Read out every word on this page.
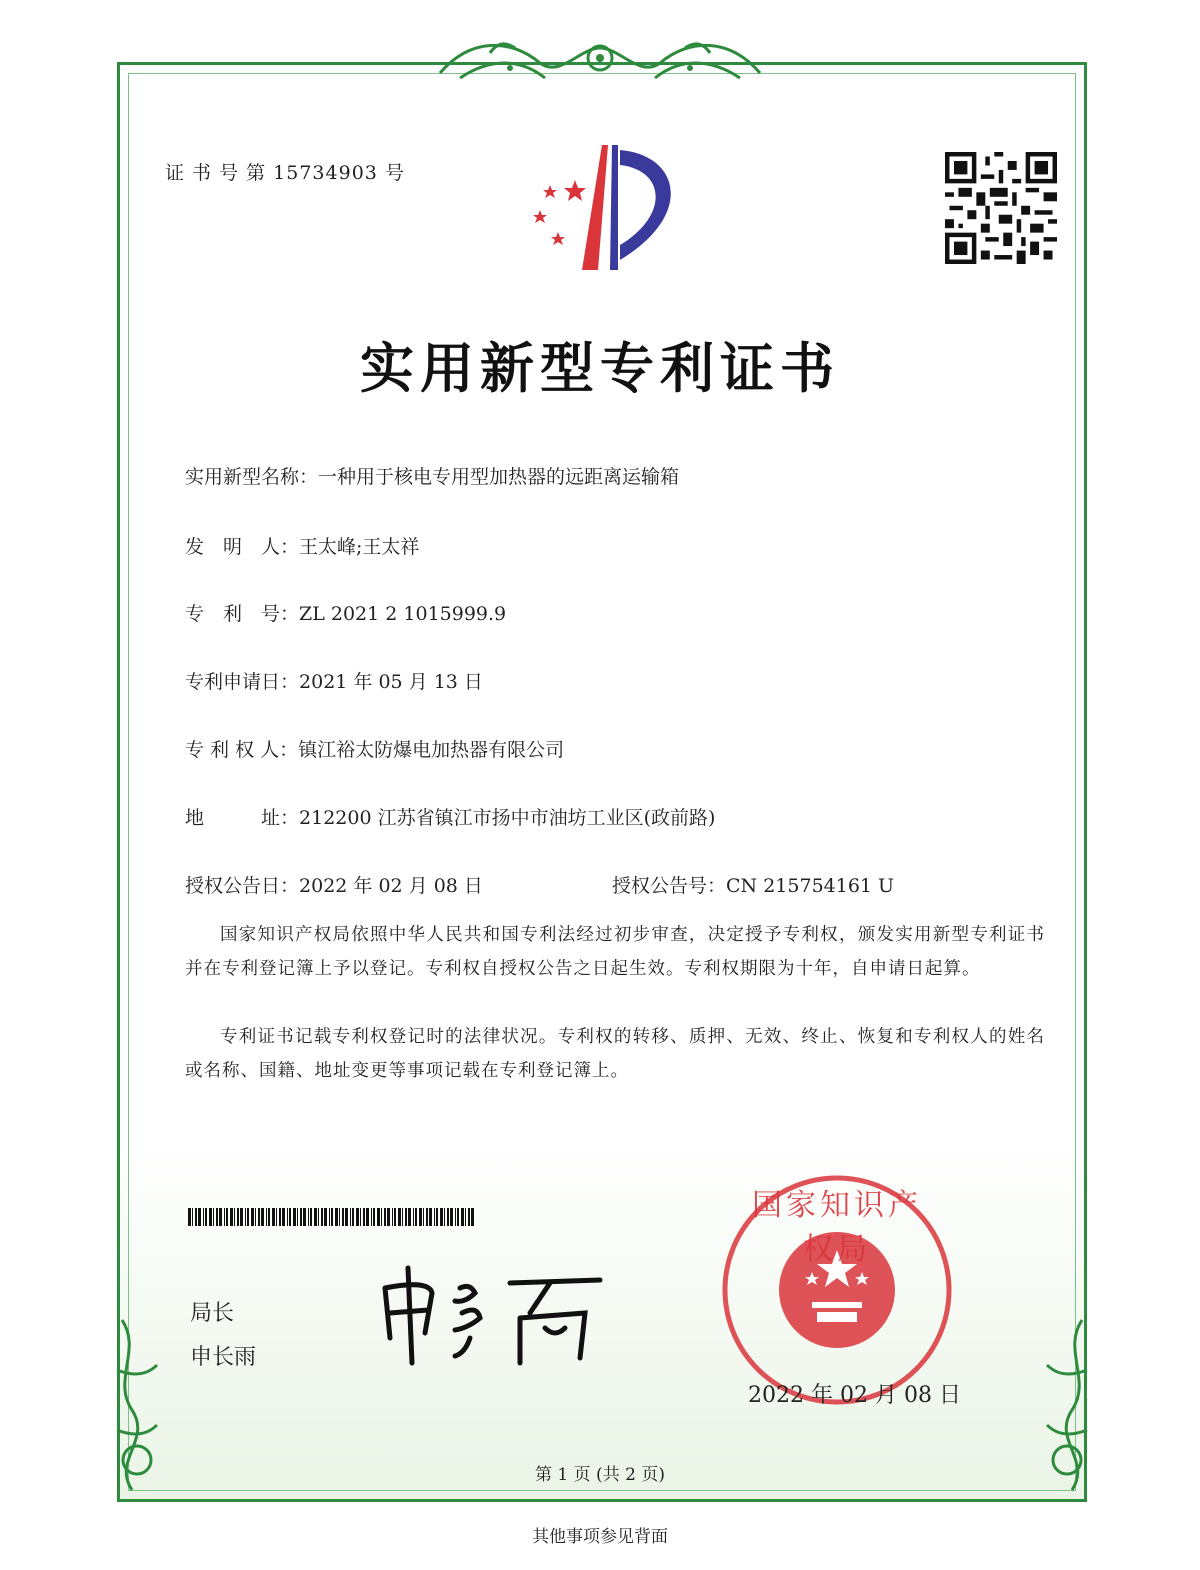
证 书 号 第 15734903 号
实用新型专利证书
实用新型名称：一种用于核电专用型加热器的远距离运输箱
发　明　人：王太峰;王太祥
专　利　号：ZL 2021 2 1015999.9
专利申请日：2021 年 05 月 13 日
专 利 权 人：镇江裕太防爆电加热器有限公司
地　　　址：212200 江苏省镇江市扬中市油坊工业区(政前路)
授权公告日：2022 年 02 月 08 日	授权公告号：CN 215754161 U
国家知识产权局依照中华人民共和国专利法经过初步审查，决定授予专利权，颁发实用新型专利证书并在专利登记簿上予以登记。专利权自授权公告之日起生效。专利权期限为十年，自申请日起算。
专利证书记载专利权登记时的法律状况。专利权的转移、质押、无效、终止、恢复和专利权人的姓名或名称、国籍、地址变更等事项记载在专利登记簿上。
局长
申长雨
国家知识产权局
2022 年 02 月 08 日
第 1 页 (共 2 页)
其他事项参见背面
